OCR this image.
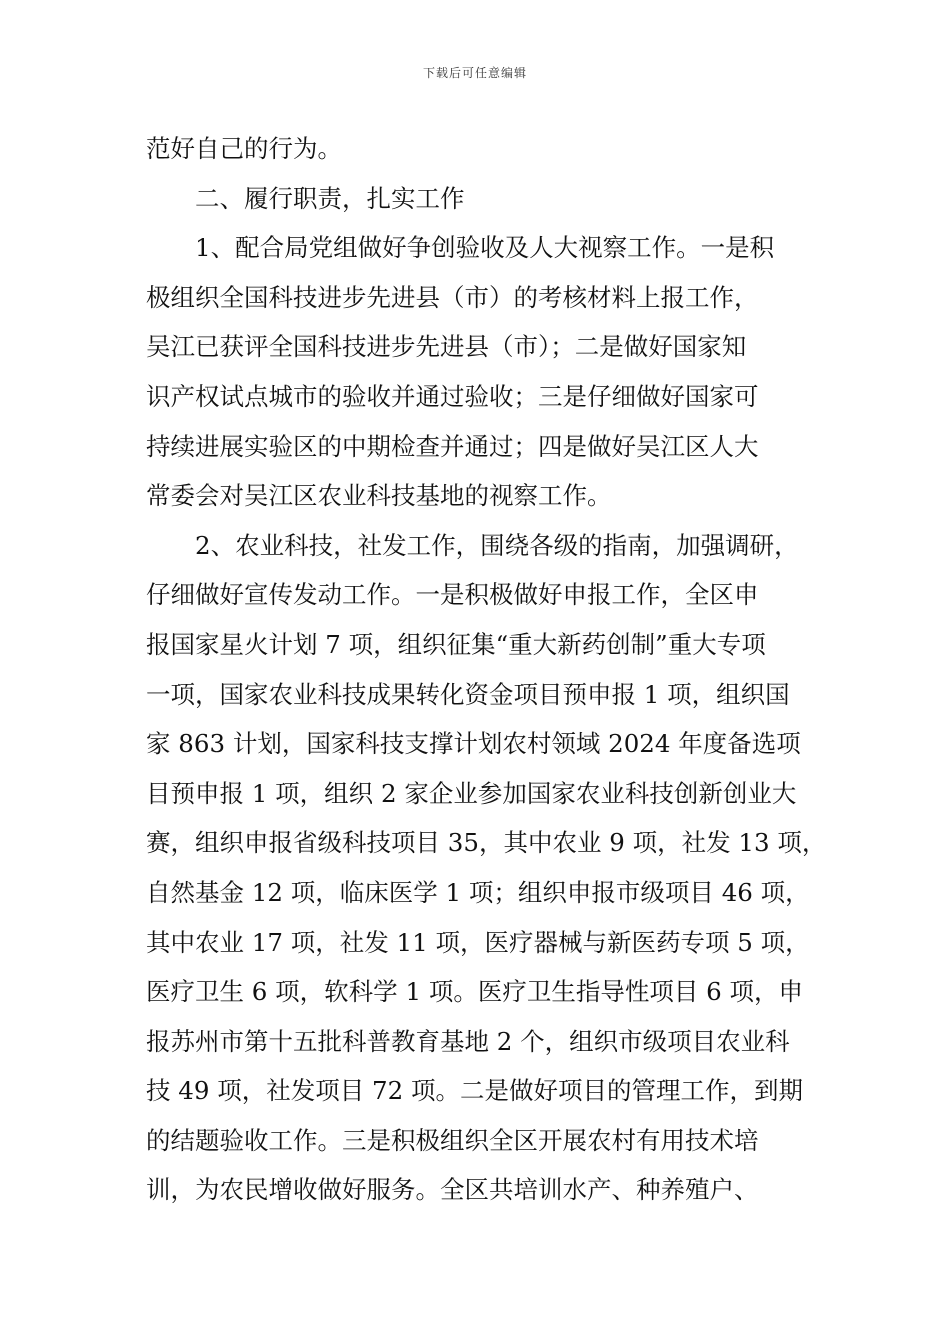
下载后可任意编辑
范好自己的行为。
二、履行职责，扎实工作
1、配合局党组做好争创验收及人大视察工作。一是积
极组织全国科技进步先进县（市）的考核材料上报工作，
吴江已获评全国科技进步先进县（市）；二是做好国家知
识产权试点城市的验收并通过验收；三是仔细做好国家可
持续进展实验区的中期检查并通过；四是做好吴江区人大
常委会对吴江区农业科技基地的视察工作。
2、农业科技，社发工作，围绕各级的指南，加强调研，
仔细做好宣传发动工作。一是积极做好申报工作，全区申
报国家星火计划 7 项，组织征集“重大新药创制”重大专项
一项，国家农业科技成果转化资金项目预申报 1 项，组织国
家 863 计划，国家科技支撑计划农村领域 2024 年度备选项
目预申报 1 项，组织 2 家企业参加国家农业科技创新创业大
赛，组织申报省级科技项目 35，其中农业 9 项，社发 13 项，
自然基金 12 项，临床医学 1 项；组织申报市级项目 46 项，
其中农业 17 项，社发 11 项，医疗器械与新医药专项 5 项，
医疗卫生 6 项，软科学 1 项。医疗卫生指导性项目 6 项，申
报苏州市第十五批科普教育基地 2 个，组织市级项目农业科
技 49 项，社发项目 72 项。二是做好项目的管理工作，到期
的结题验收工作。三是积极组织全区开展农村有用技术培
训，为农民增收做好服务。全区共培训水产、种养殖户、
